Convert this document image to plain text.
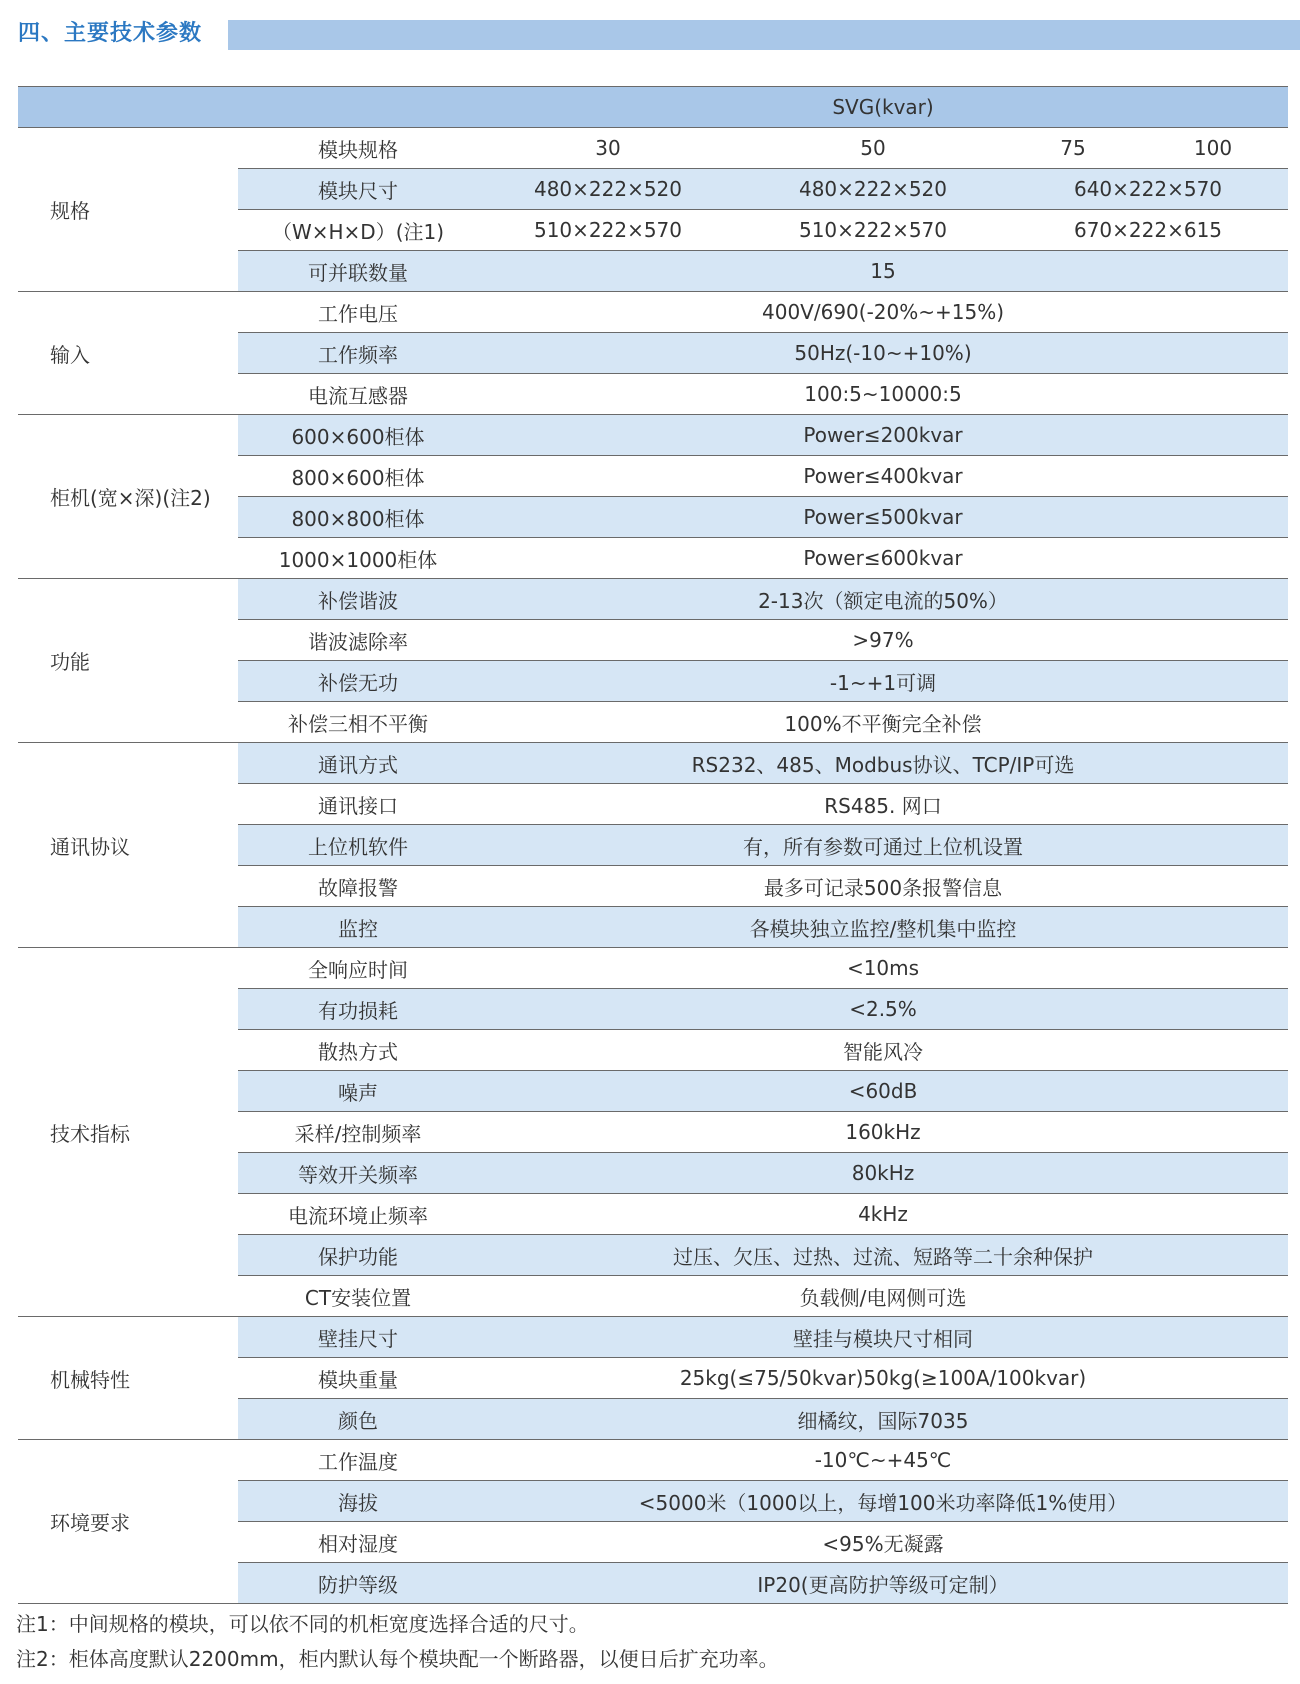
四、主要技术参数
		SVG(kvar)			
规格	模块规格	30	50	75	100
	模块尺寸	480×222×520	480×222×520	640×222×570	
	（W×H×D）(注1)	510×222×570	510×222×570	670×222×615	
	可并联数量	15			
输入	工作电压	400V/690(-20%~+15%)			
	工作频率	50Hz(-10~+10%)			
	电流互感器	100:5~10000:5			
柜机(宽×深)(注2)	600×600柜体	Power≤200kvar			
	800×600柜体	Power≤400kvar			
	800×800柜体	Power≤500kvar			
	1000×1000柜体	Power≤600kvar			
功能	补偿谐波	2-13次（额定电流的50%）			
	谐波滤除率	>97%			
	补偿无功	-1~+1可调			
	补偿三相不平衡	100%不平衡完全补偿			
通讯协议	通讯方式	RS232、485、Modbus协议、TCP/IP可选			
	通讯接口	RS485. 网口			
	上位机软件	有，所有参数可通过上位机设置			
	故障报警	最多可记录500条报警信息			
	监控	各模块独立监控/整机集中监控			
技术指标	全响应时间	<10ms			
	有功损耗	<2.5%			
	散热方式	智能风冷			
	噪声	<60dB			
	采样/控制频率	160kHz			
	等效开关频率	80kHz			
	电流环境止频率	4kHz			
	保护功能	过压、欠压、过热、过流、短路等二十余种保护			
	CT安装位置	负载侧/电网侧可选			
机械特性	壁挂尺寸	壁挂与模块尺寸相同			
	模块重量	25kg(≤75/50kvar)50kg(≥100A/100kvar)			
	颜色	细橘纹，国际7035			
环境要求	工作温度	-10℃~+45℃			
	海拔	<5000米（1000以上，每增100米功率降低1%使用）			
	相对湿度	<95%无凝露			
	防护等级	IP20(更高防护等级可定制）			
注1：中间规格的模块，可以依不同的机柜宽度选择合适的尺寸。
注2：柜体高度默认2200mm，柜内默认每个模块配一个断路器，以便日后扩充功率。
